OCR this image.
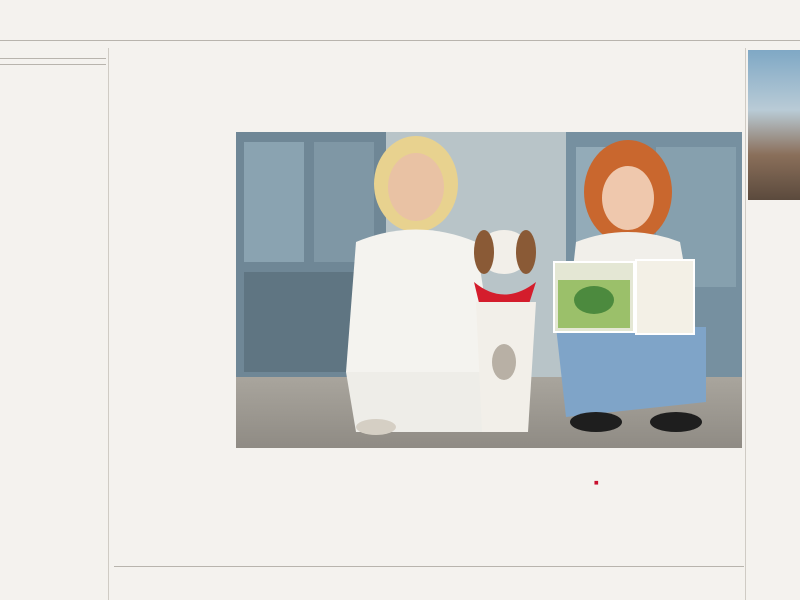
■
